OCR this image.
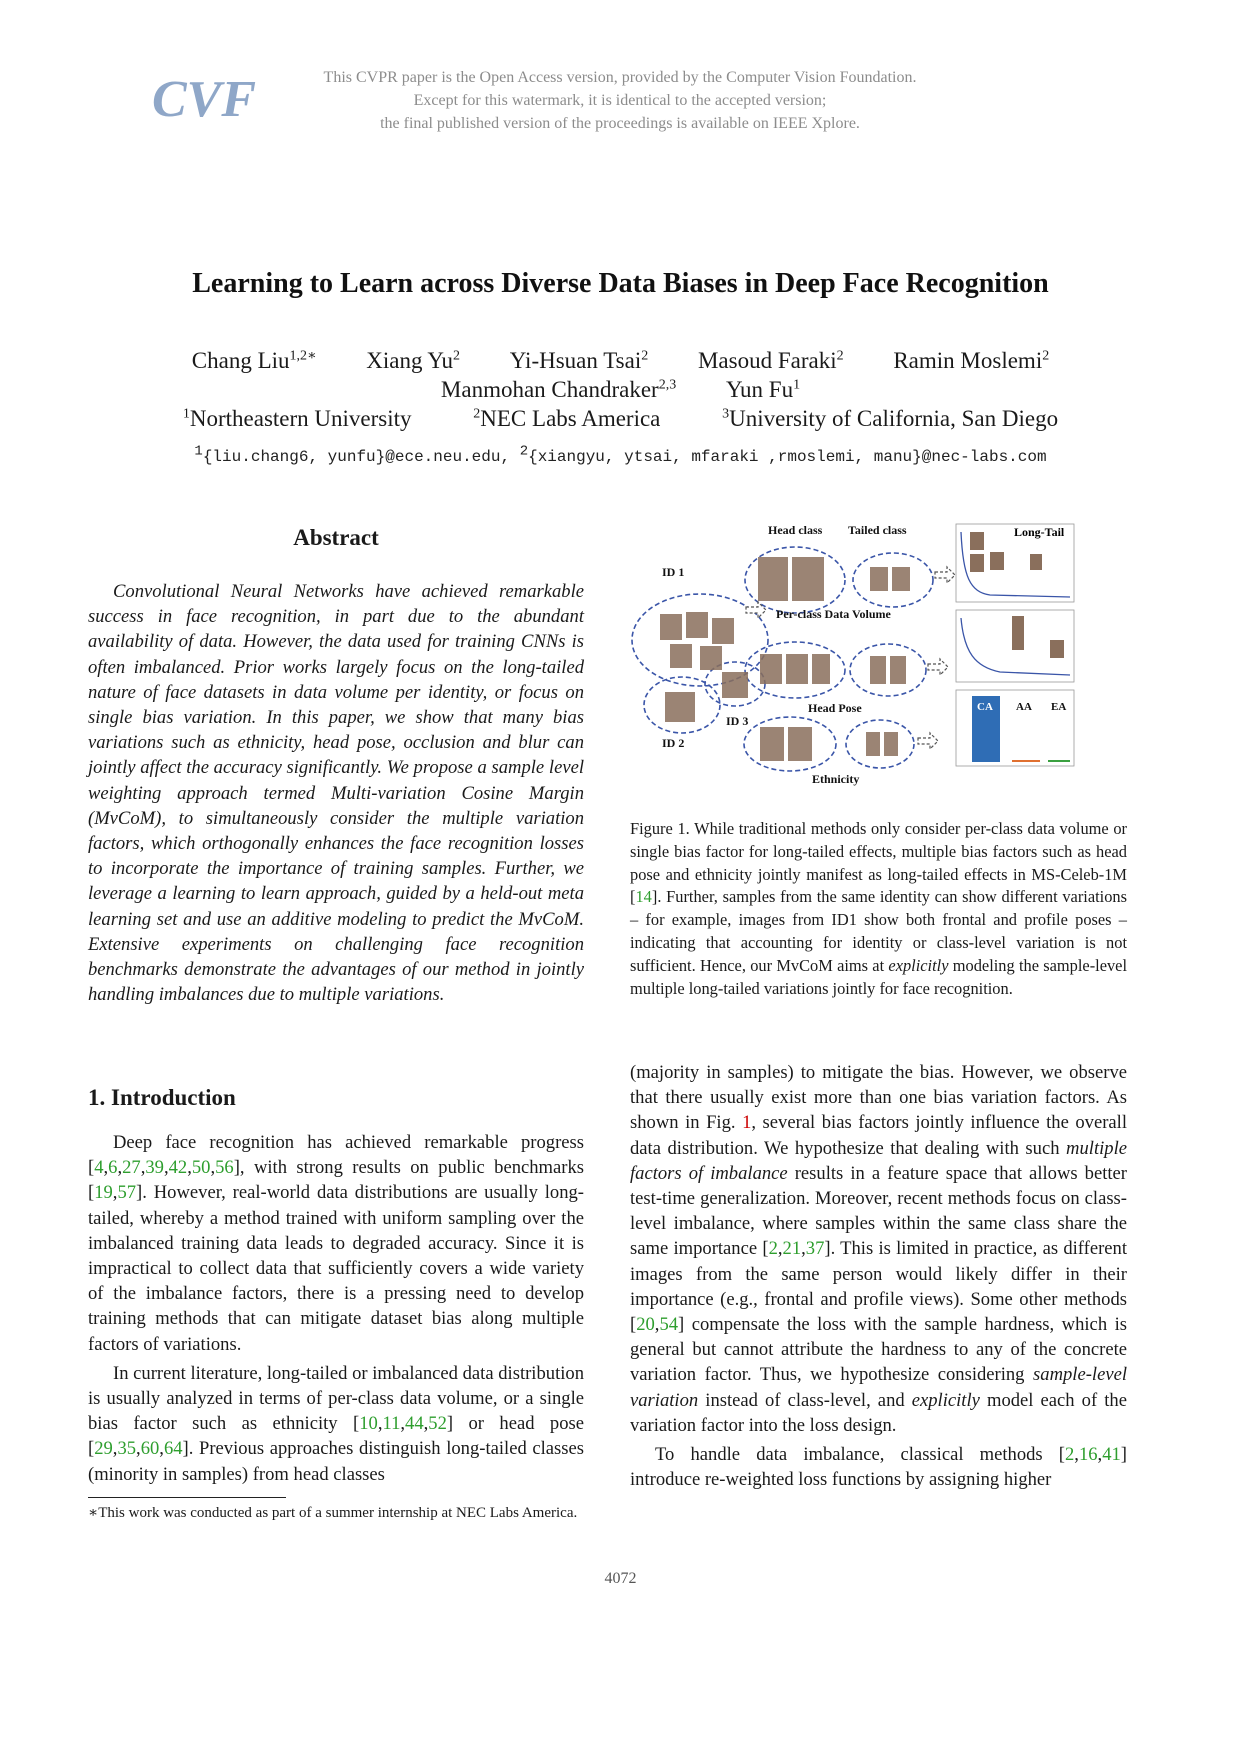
CVF	This CVPR paper is the Open Access version, provided by the Computer Vision Foundation.
Except for this watermark, it is identical to the accepted version;
the final published version of the proceedings is available on IEEE Xplore.
Learning to Learn across Diverse Data Biases in Deep Face Recognition
Chang Liu$^{1,2∗}$ Xiang Yu$^2$ Yi-Hsuan Tsai$^2$ Masoud Faraki$^2$ Ramin Moslemi$^2$
Manmohan Chandraker$^{2,3}$ Yun Fu$^1$
$^1$Northeastern University	$^2$NEC Labs America	$^3$University of California, San Diego
$^1${liu.chang6, yunfu}@ece.neu.edu, $^2${xiangyu, ytsai, mfaraki ,rmoslemi, manu}@nec-labs.com
Abstract

Convolutional Neural Networks have achieved remarkable success in face recognition, in part due to the abundant availability of data. However, the data used for training CNNs is often imbalanced. Prior works largely focus on the long-tailed nature of face datasets in data volume per identity, or focus on single bias variation. In this paper, we show that many bias variations such as ethnicity, head pose, occlusion and blur can jointly affect the accuracy significantly. We propose a sample level weighting approach termed Multi-variation Cosine Margin (MvCoM), to simultaneously consider the multiple variation factors, which orthogonally enhances the face recognition losses to incorporate the importance of training samples. Further, we leverage a learning to learn approach, guided by a held-out meta learning set and use an additive modeling to predict the MvCoM. Extensive experiments on challenging face recognition benchmarks demonstrate the advantages of our method in jointly handling imbalances due to multiple variations.

1. Introduction

Deep face recognition has achieved remarkable progress [4,6,27,39,42,50,56], with strong results on public benchmarks [19,57]. However, real-world data distributions are usually long-tailed, whereby a method trained with uniform sampling over the imbalanced training data leads to degraded accuracy. Since it is impractical to collect data that sufficiently covers a wide variety of the imbalance factors, there is a pressing need to develop training methods that can mitigate dataset bias along multiple factors of variations.

In current literature, long-tailed or imbalanced data distribution is usually analyzed in terms of per-class data volume, or a single bias factor such as ethnicity [10,11,44,52] or head pose [29,35,60,64]. Previous approaches distinguish long-tailed classes (minority in samples) from head classes

∗This work was conducted as part of a summer internship at NEC Labs America.
Head class Tailed class
ID 1
ID 2
ID 3
Per-class Data Volume
Head Pose
Ethnicity
Long-Tail
CA AA EA
Figure 1. While traditional methods only consider per-class data volume or single bias factor for long-tailed effects, multiple bias factors such as head pose and ethnicity jointly manifest as long-tailed effects in MS-Celeb-1M [14]. Further, samples from the same identity can show different variations – for example, images from ID1 show both frontal and profile poses – indicating that accounting for identity or class-level variation is not sufficient. Hence, our MvCoM aims at explicitly modeling the sample-level multiple long-tailed variations jointly for face recognition.

(majority in samples) to mitigate the bias. However, we observe that there usually exist more than one bias variation factors. As shown in Fig. 1, several bias factors jointly influence the overall data distribution. We hypothesize that dealing with such multiple factors of imbalance results in a feature space that allows better test-time generalization. Moreover, recent methods focus on class-level imbalance, where samples within the same class share the same importance [2,21,37]. This is limited in practice, as different images from the same person would likely differ in their importance (e.g., frontal and profile views). Some other methods [20,54] compensate the loss with the sample hardness, which is general but cannot attribute the hardness to any of the concrete variation factor. Thus, we hypothesize considering sample-level variation instead of class-level, and explicitly model each of the variation factor into the loss design.

To handle data imbalance, classical methods [2,16,41] introduce re-weighted loss functions by assigning higher

4072
